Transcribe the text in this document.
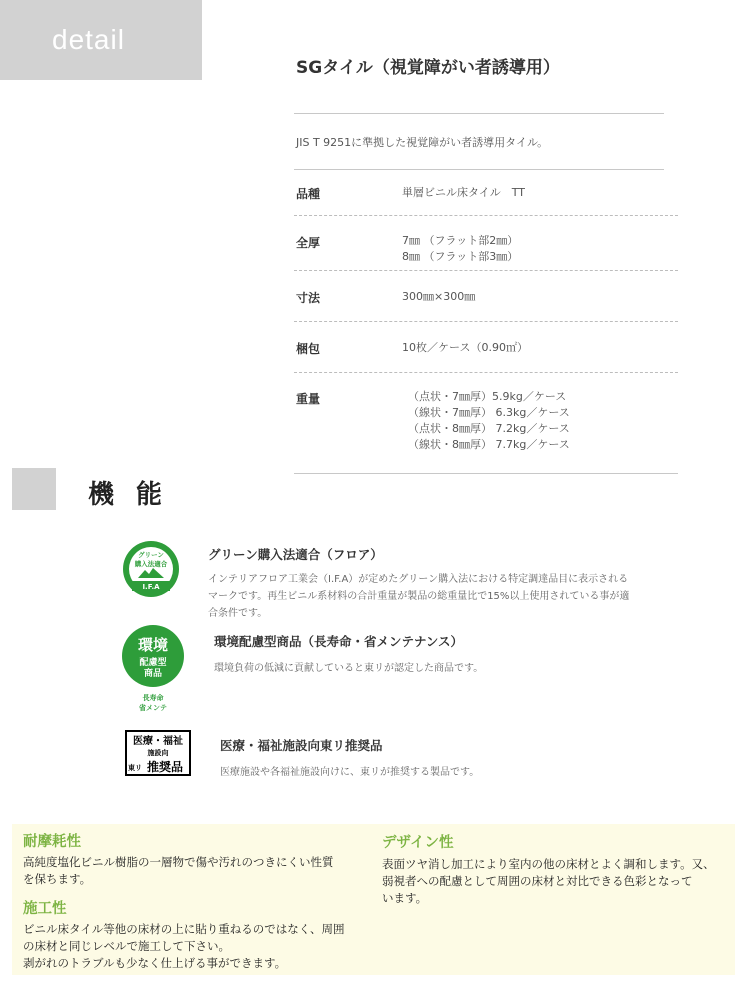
detail
SGタイル（視覚障がい者誘導用）
JIS T 9251に準拠した視覚障がい者誘導用タイル。
品種	単層ビニル床タイル　TT
全厚	7㎜ （フラット部2㎜）
8㎜ （フラット部3㎜）
寸法	300㎜×300㎜
梱包	10枚／ケース（0.90㎡）
重量	（点状・7㎜厚）5.9kg／ケース
（線状・7㎜厚） 6.3kg／ケース
（点状・8㎜厚） 7.2kg／ケース
（線状・8㎜厚） 7.7kg／ケース
機能
グリーン
購入法適合
I.F.A
グリーン購入法適合（フロア）
インテリアフロア工業会（I.F.A）が定めたグリーン購入法における特定調達品目に表示される
マークです。再生ビニル系材料の合計重量が製品の総重量比で15%以上使用されている事が適
合条件です。
環境
配慮型
商品
長寿命
省メンテ
環境配慮型商品（長寿命・省メンテナンス）
環境負荷の低減に貢献していると東リが認定した商品です。
医療・福祉
施設向
東リ 推奨品
医療・福祉施設向東リ推奨品
医療施設や各福祉施設向けに、東リが推奨する製品です。
耐摩耗性
高純度塩化ビニル樹脂の一層物で傷や汚れのつきにくい性質
を保ちます。
施工性
ビニル床タイル等他の床材の上に貼り重ねるのではなく、周囲
の床材と同じレベルで施工して下さい。
剥がれのトラブルも少なく仕上げる事ができます。
デザイン性
表面ツヤ消し加工により室内の他の床材とよく調和します。又、
弱視者への配慮として周囲の床材と対比できる色彩となって
います。
